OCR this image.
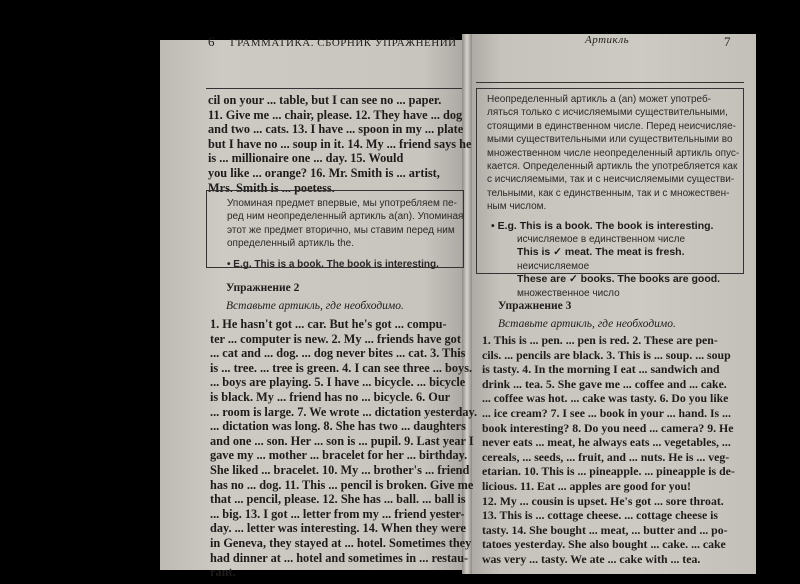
6 ГРАММАТИКА. СБОРНИК УПРАЖНЕНИЙ
cil on your ... table, but I can see no ... paper.
11. Give me ... chair, please. 12. They have ... dog
and two ... cats. 13. I have ... spoon in my ... plate
but I have no ... soup in it. 14. My ... friend says he
is ... millionaire one ... day. 15. Would
you like ... orange? 16. Mr. Smith is ... artist,
Mrs. Smith is ... poetess.
Упоминая предмет впервые, мы употребляем пе-
ред ним неопределенный артикль a(an). Упоминая
этот же предмет вторично, мы ставим перед ним
определенный артикль the.
• E.g. This is a book. The book is interesting.
Упражнение 2
Вставьте артикль, где необходимо.
1. He hasn't got ... car. But he's got ... compu-
ter ... computer is new. 2. My ... friends have got
... cat and ... dog. ... dog never bites ... cat. 3. This
is ... tree. ... tree is green. 4. I can see three ... boys.
... boys are playing. 5. I have ... bicycle. ... bicycle
is black. My ... friend has no ... bicycle. 6. Our
... room is large. 7. We wrote ... dictation yesterday.
... dictation was long. 8. She has two ... daughters
and one ... son. Her ... son is ... pupil. 9. Last year I
gave my ... mother ... bracelet for her ... birthday.
She liked ... bracelet. 10. My ... brother's ... friend
has no ... dog. 11. This ... pencil is broken. Give me
that ... pencil, please. 12. She has ... ball. ... ball is
... big. 13. I got ... letter from my ... friend yester-
day. ... letter was interesting. 14. When they were
in Geneva, they stayed at ... hotel. Sometimes they
had dinner at ... hotel and sometimes in ... restau-
rant.
Артикль	7
Неопределенный артикль a (an) может употреб-
ляться только с исчисляемыми существительными,
стоящими в единственном числе. Перед неисчисляе-
мыми существительными или существительными во
множественном числе неопределенный артикль опус-
кается. Определенный артикль the употребляется как
с исчисляемыми, так и с неисчисляемыми существи-
тельными, как с единственным, так и с множествен-
ным числом.
• E.g. This is a book. The book is interesting.
исчисляемое в единственном числе
This is ✓ meat. The meat is fresh.
неисчисляемое
These are ✓ books. The books are good.
множественное число
Упражнение 3
Вставьте артикль, где необходимо.
1. This is ... pen. ... pen is red. 2. These are pen-
cils. ... pencils are black. 3. This is ... soup. ... soup
is tasty. 4. In the morning I eat ... sandwich and
drink ... tea. 5. She gave me ... coffee and ... cake.
... coffee was hot. ... cake was tasty. 6. Do you like
... ice cream? 7. I see ... book in your ... hand. Is ...
book interesting? 8. Do you need ... camera? 9. He
never eats ... meat, he always eats ... vegetables, ...
cereals, ... seeds, ... fruit, and ... nuts. He is ... veg-
etarian. 10. This is ... pineapple. ... pineapple is de-
licious. 11. Eat ... apples are good for you!
12. My ... cousin is upset. He's got ... sore throat.
13. This is ... cottage cheese. ... cottage cheese is
tasty. 14. She bought ... meat, ... butter and ... po-
tatoes yesterday. She also bought ... cake. ... cake
was very ... tasty. We ate ... cake with ... tea.
